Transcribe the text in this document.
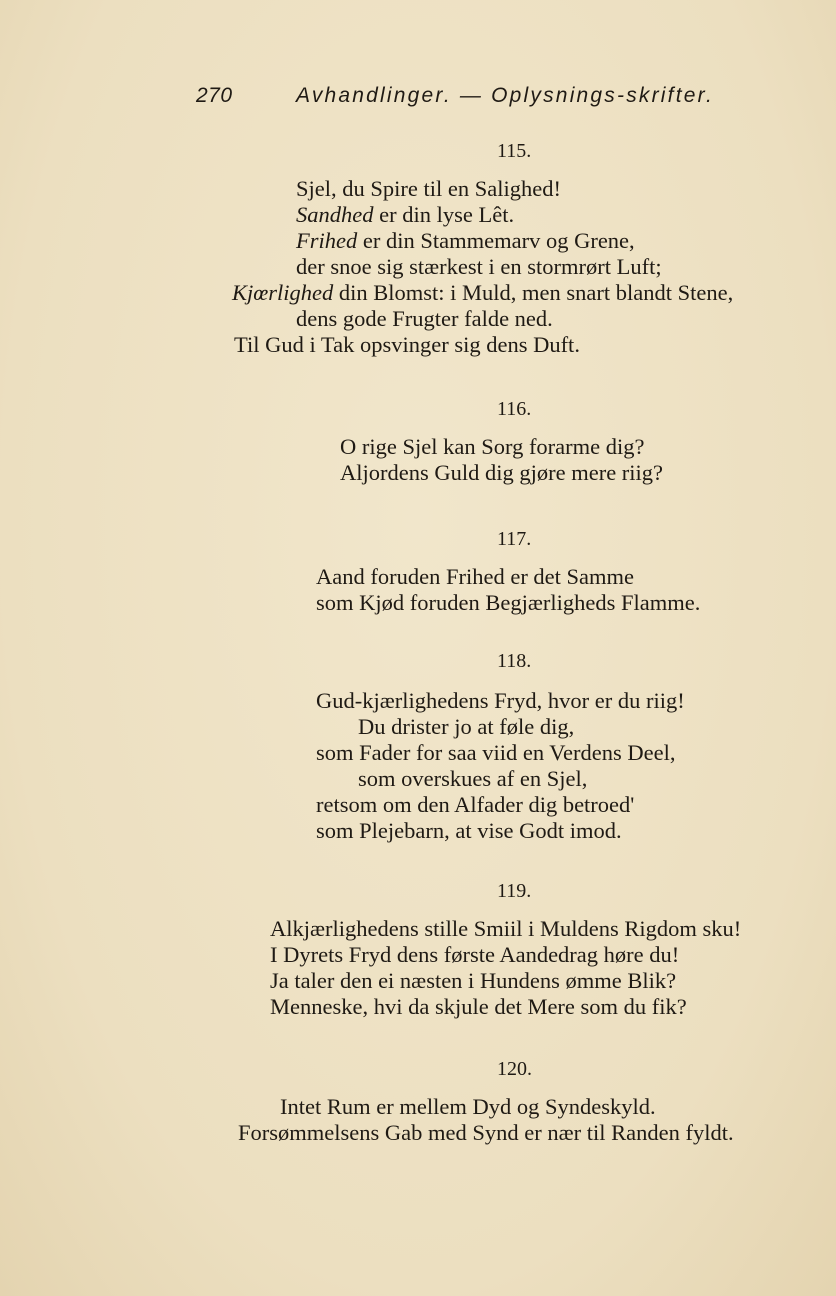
270	Avhandlinger. — Oplysnings-skrifter.
115.
Sjel, du Spire til en Salighed!
Sandhed er din lyse Lêt.
Frihed er din Stammemarv og Grene,
der snoe sig stærkest i en stormrørt Luft;
Kjœrlighed din Blomst: i Muld, men snart blandt Stene,
dens gode Frugter falde ned.
Til Gud i Tak opsvinger sig dens Duft.
116.
O rige Sjel kan Sorg forarme dig?
Aljordens Guld dig gjøre mere riig?
117.
Aand foruden Frihed er det Samme
som Kjød foruden Begjærligheds Flamme.
118.
Gud-kjærlighedens Fryd, hvor er du riig!
Du drister jo at føle dig,
som Fader for saa viid en Verdens Deel,
som overskues af en Sjel,
retsom om den Alfader dig betroed'
som Plejebarn, at vise Godt imod.
119.
Alkjærlighedens stille Smiil i Muldens Rigdom sku!
I Dyrets Fryd dens første Aandedrag høre du!
Ja taler den ei næsten i Hundens ømme Blik?
Menneske, hvi da skjule det Mere som du fik?
120.
Intet Rum er mellem Dyd og Syndeskyld.
Forsømmelsens Gab med Synd er nær til Randen fyldt.
